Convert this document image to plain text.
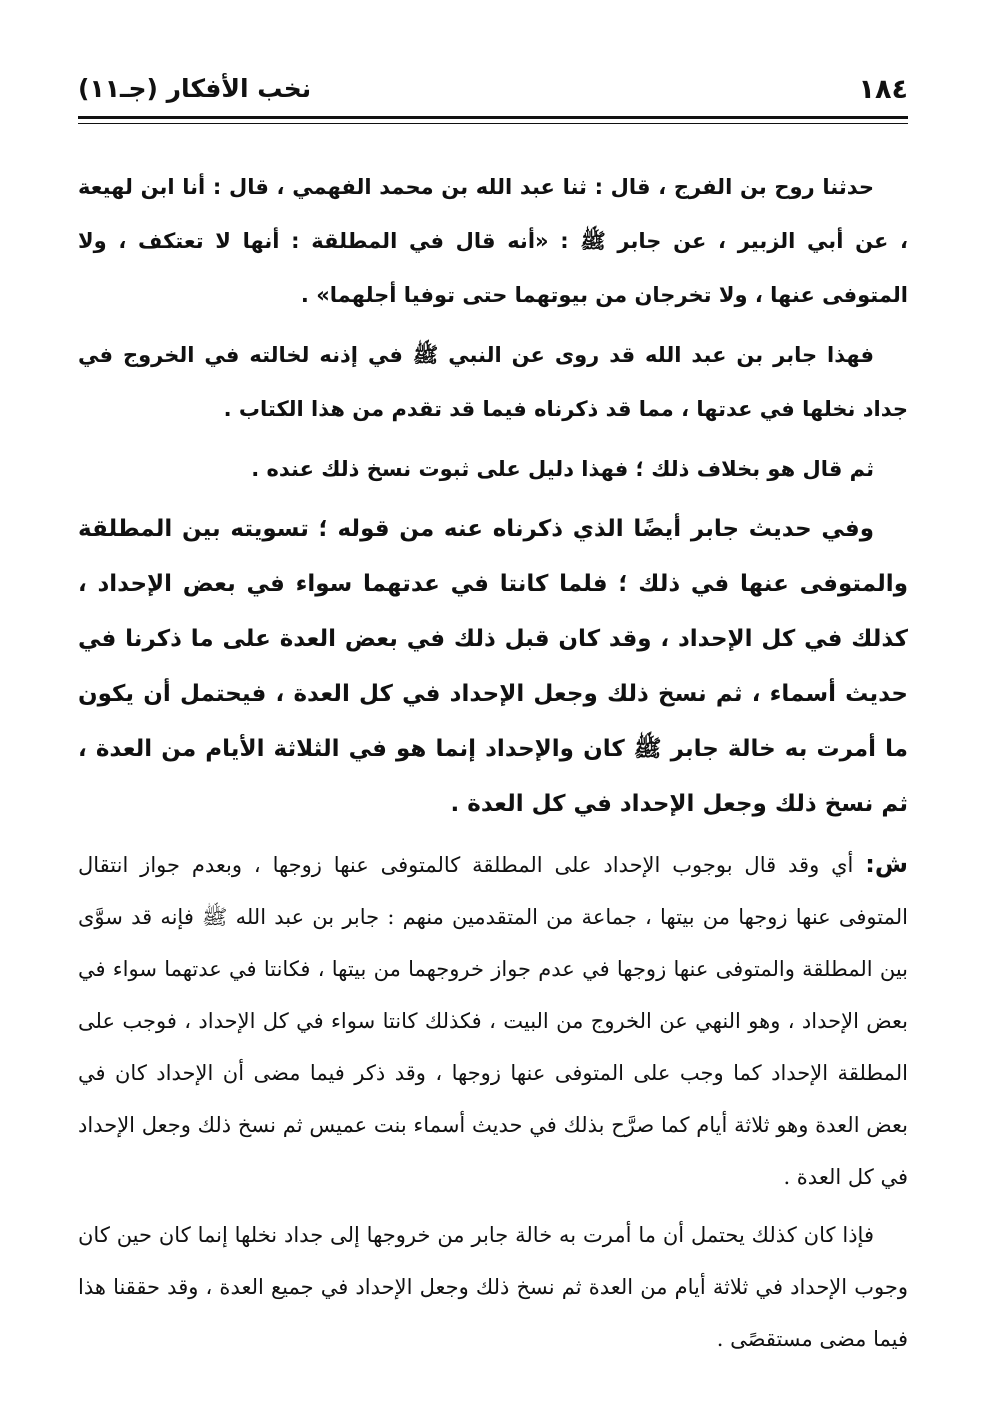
١٨٤
نخب الأفكار (جـ١١)

حدثنا روح بن الفرج ، قال : ثنا عبد الله بن محمد الفهمي ، قال : أنا ابن لهيعة ، عن أبي الزبير ، عن جابر ﷺ : «أنه قال في المطلقة : أنها لا تعتكف ، ولا المتوفى عنها ، ولا تخرجان من بيوتهما حتى توفيا أجلهما» .

فهذا جابر بن عبد الله قد روى عن النبي ﷺ في إذنه لخالته في الخروج في جداد نخلها في عدتها ، مما قد ذكرناه فيما قد تقدم من هذا الكتاب .

ثم قال هو بخلاف ذلك ؛ فهذا دليل على ثبوت نسخ ذلك عنده .

وفي حديث جابر أيضًا الذي ذكرناه عنه من قوله ؛ تسويته بين المطلقة والمتوفى عنها في ذلك ؛ فلما كانتا في عدتهما سواء في بعض الإحداد ، كذلك في كل الإحداد ، وقد كان قبل ذلك في بعض العدة على ما ذكرنا في حديث أسماء ، ثم نسخ ذلك وجعل الإحداد في كل العدة ، فيحتمل أن يكون ما أمرت به خالة جابر ﷺ كان والإحداد إنما هو في الثلاثة الأيام من العدة ، ثم نسخ ذلك وجعل الإحداد في كل العدة .

ش: أي وقد قال بوجوب الإحداد على المطلقة كالمتوفى عنها زوجها ، وبعدم جواز انتقال المتوفى عنها زوجها من بيتها ، جماعة من المتقدمين منهم : جابر بن عبد الله ﷺ فإنه قد سوَّى بين المطلقة والمتوفى عنها زوجها في عدم جواز خروجهما من بيتها ، فكانتا في عدتهما سواء في بعض الإحداد ، وهو النهي عن الخروج من البيت ، فكذلك كانتا سواء في كل الإحداد ، فوجب على المطلقة الإحداد كما وجب على المتوفى عنها زوجها ، وقد ذكر فيما مضى أن الإحداد كان في بعض العدة وهو ثلاثة أيام كما صرَّح بذلك في حديث أسماء بنت عميس ثم نسخ ذلك وجعل الإحداد في كل العدة .

فإذا كان كذلك يحتمل أن ما أمرت به خالة جابر من خروجها إلى جداد نخلها إنما كان حين كان وجوب الإحداد في ثلاثة أيام من العدة ثم نسخ ذلك وجعل الإحداد في جميع العدة ، وقد حققنا هذا فيما مضى مستقصًى .
